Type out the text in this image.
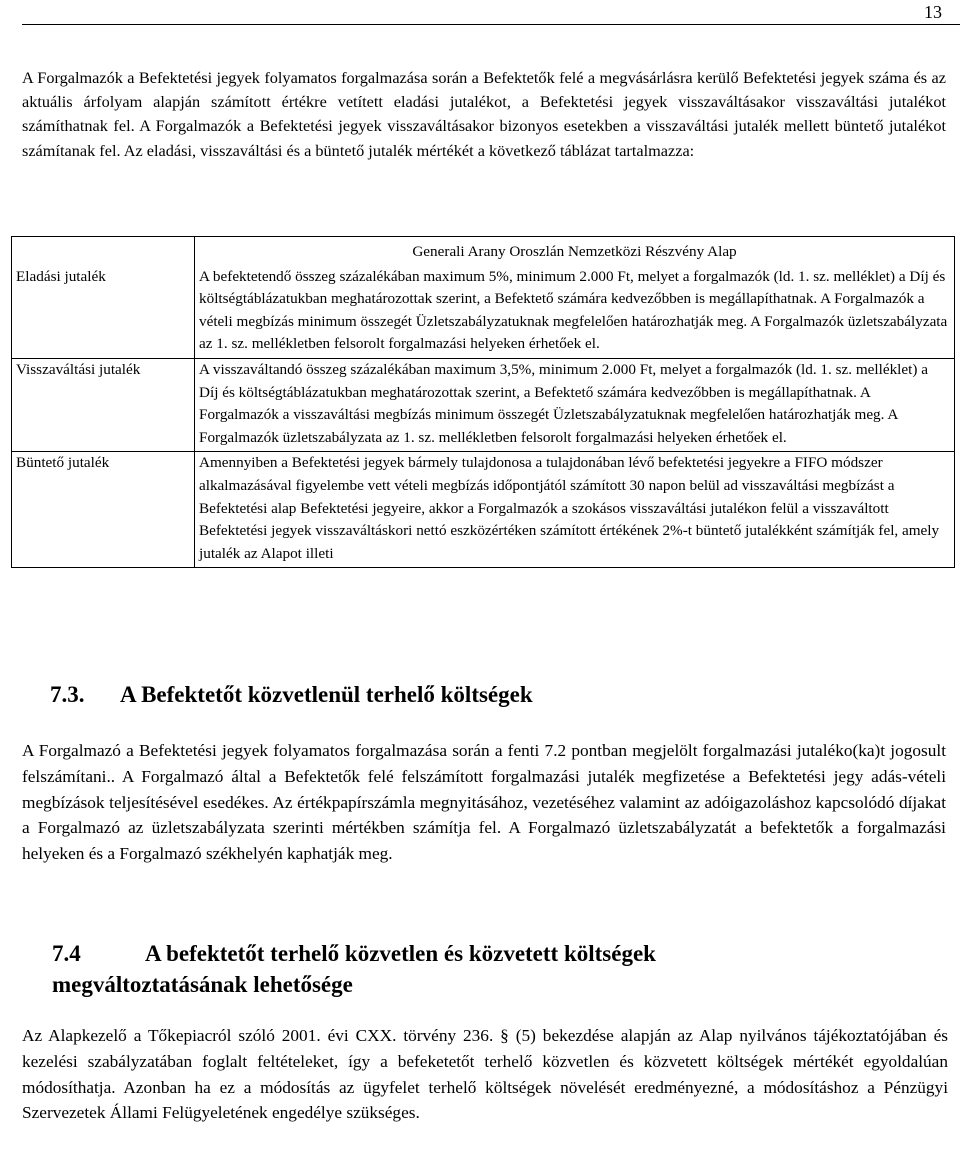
13

A Forgalmazók a Befektetési jegyek folyamatos forgalmazása során a Befektetők felé a megvásárlásra kerülő Befektetési jegyek száma és az aktuális árfolyam alapján számított értékre vetített eladási jutalékot, a Befektetési jegyek visszaváltásakor visszaváltási jutalékot számíthatnak fel. A Forgalmazók a Befektetési jegyek visszaváltásakor bizonyos esetekben a visszaváltási jutalék mellett büntető jutalékot számítanak fel. Az eladási, visszaváltási és a büntető jutalék mértékét a következő táblázat tartalmazza:

	Generali Arany Oroszlán Nemzetközi Részvény Alap
Eladási jutalék	A befektetendő összeg százalékában maximum 5%, minimum 2.000 Ft, melyet a forgalmazók (ld. 1. sz. melléklet) a Díj és költségtáblázatukban meghatározottak szerint, a Befektető számára kedvezőbben is megállapíthatnak. A Forgalmazók a vételi megbízás minimum összegét Üzletszabályzatuknak megfelelően határozhatják meg. A Forgalmazók üzletszabályzata az 1. sz. mellékletben felsorolt forgalmazási helyeken érhetőek el.
Visszaváltási jutalék	A visszaváltandó összeg százalékában maximum 3,5%, minimum 2.000 Ft, melyet a forgalmazók (ld. 1. sz. melléklet) a Díj és költségtáblázatukban meghatározottak szerint, a Befektető számára kedvezőbben is megállapíthatnak. A Forgalmazók a visszaváltási megbízás minimum összegét Üzletszabályzatuknak megfelelően határozhatják meg. A Forgalmazók üzletszabályzata az 1. sz. mellékletben felsorolt forgalmazási helyeken érhetőek el.
Büntető jutalék	Amennyiben a Befektetési jegyek bármely tulajdonosa a tulajdonában lévő befektetési jegyekre a FIFO módszer alkalmazásával figyelembe vett vételi megbízás időpontjától számított 30 napon belül ad visszaváltási megbízást a Befektetési alap Befektetési jegyeire, akkor a Forgalmazók a szokásos visszaváltási jutalékon felül a visszaváltott Befektetési jegyek visszaváltáskori nettó eszközértéken számított értékének 2%-t büntető jutalékként számítják fel, amely jutalék az Alapot illeti
7.3. A Befektetőt közvetlenül terhelő költségek

A Forgalmazó a Befektetési jegyek folyamatos forgalmazása során a fenti 7.2 pontban megjelölt forgalmazási jutaléko(ka)t jogosult felszámítani.. A Forgalmazó által a Befektetők felé felszámított forgalmazási jutalék megfizetése a Befektetési jegy adás-vételi megbízások teljesítésével esedékes. Az értékpapírszámla megnyitásához, vezetéséhez valamint az adóigazoláshoz kapcsolódó díjakat a Forgalmazó az üzletszabályzata szerinti mértékben számítja fel. A Forgalmazó üzletszabályzatát a befektetők a forgalmazási helyeken és a Forgalmazó székhelyén kaphatják meg.

7.4	A befektetőt terhelő közvetlen és közvetett költségek megváltoztatásának lehetősége

Az Alapkezelő a Tőkepiacról szóló 2001. évi CXX. törvény 236. § (5) bekezdése alapján az Alap nyilvános tájékoztatójában és kezelési szabályzatában foglalt feltételeket, így a befeketetőt terhelő közvetlen és közvetett költségek mértékét egyoldalúan módosíthatja. Azonban ha ez a módosítás az ügyfelet terhelő költségek növelését eredményezné, a módosításhoz a Pénzügyi Szervezetek Állami Felügyeletének engedélye szükséges.
